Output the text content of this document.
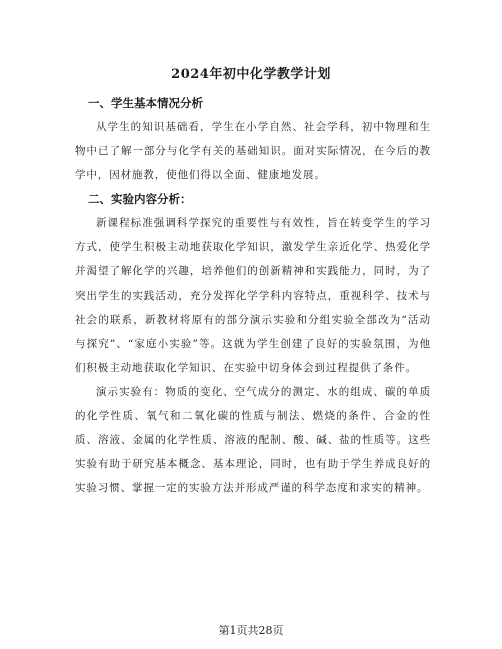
2024年初中化学教学计划

一、学生基本情况分析

从学生的知识基础看，学生在小学自然、社会学科，初中物理和生物中已了解一部分与化学有关的基础知识。面对实际情况，在今后的教学中，因材施教，使他们得以全面、健康地发展。

二、实验内容分析：

新课程标准强调科学探究的重要性与有效性，旨在转变学生的学习方式，使学生积极主动地获取化学知识，激发学生亲近化学、热爱化学并渴望了解化学的兴趣，培养他们的创新精神和实践能力，同时，为了突出学生的实践活动，充分发挥化学学科内容特点，重视科学、技术与社会的联系，新教材将原有的部分演示实验和分组实验全部改为“活动与探究”、“家庭小实验”等。这就为学生创建了良好的实验氛围，为他们积极主动地获取化学知识、在实验中切身体会到过程提供了条件。

演示实验有：物质的变化、空气成分的测定、水的组成、碳的单质的化学性质、氧气和二氧化碳的性质与制法、燃烧的条件、合金的性质、溶液、金属的化学性质、溶液的配制、酸、碱、盐的性质等。这些实验有助于研究基本概念、基本理论，同时，也有助于学生养成良好的实验习惯、掌握一定的实验方法并形成严谨的科学态度和求实的精神。

第1页共28页
